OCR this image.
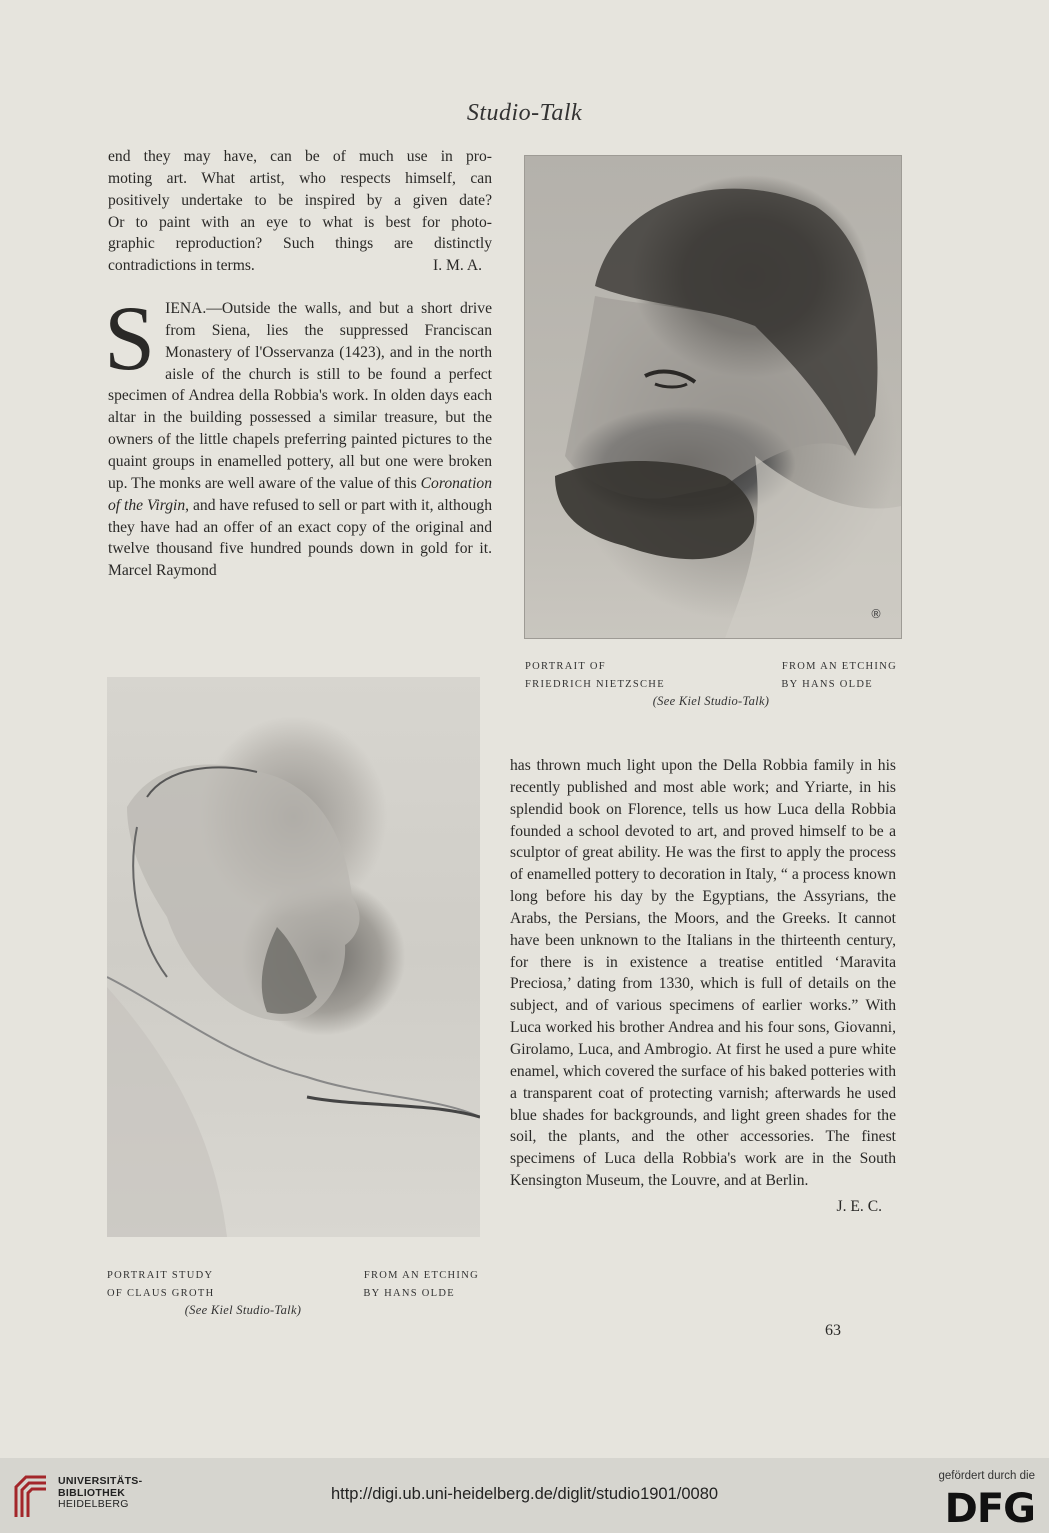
Studio-Talk

end they may have, can be of much use in pro-
moting art. What artist, who respects himself, can
positively undertake to be inspired by a given date?
Or to paint with an eye to what is best for photo-
graphic reproduction? Such things are distinctly
contradictions in terms.	I. M. A.

SIENA.—Outside the walls, and but a short drive from Siena, lies the suppressed Franciscan Monastery of l'Osservanza (1423), and in the north aisle of the church is still to be found a perfect specimen of Andrea della Robbia's work. In olden days each altar in the building possessed a similar treasure, but the owners of the little chapels preferring painted pictures to the quaint groups in enamelled pottery, all but one were broken up. The monks are well aware of the value of this Coronation of the Virgin, and have refused to sell or part with it, although they have had an offer of an exact copy of the original and twelve thousand five hundred pounds down in gold for it. Marcel Raymond

®
PORTRAIT OF	FROM AN ETCHING
FRIEDRICH NIETZSCHE	BY HANS OLDE
(See Kiel Studio-Talk)
PORTRAIT STUDY	FROM AN ETCHING
OF CLAUS GROTH	BY HANS OLDE
(See Kiel Studio-Talk)

has thrown much light upon the Della Robbia family in his recently published and most able work; and Yriarte, in his splendid book on Florence, tells us how Luca della Robbia founded a school devoted to art, and proved himself to be a sculptor of great ability. He was the first to apply the process of enamelled pottery to decoration in Italy, “ a process known long before his day by the Egyptians, the Assyrians, the Arabs, the Persians, the Moors, and the Greeks. It cannot have been unknown to the Italians in the thirteenth century, for there is in existence a treatise entitled ‘Maravita Preciosa,’ dating from 1330, which is full of details on the subject, and of various specimens of earlier works.” With Luca worked his brother Andrea and his four sons, Giovanni, Girolamo, Luca, and Ambrogio. At first he used a pure white enamel, which covered the surface of his baked potteries with a transparent coat of protecting varnish; afterwards he used blue shades for backgrounds, and light green shades for the soil, the plants, and the other accessories. The finest specimens of Luca della Robbia's work are in the South Kensington Museum, the Louvre, and at Berlin.

J. E. C.
63
UNIVERSITÄTS-
BIBLIOTHEK
HEIDELBERG
http://digi.ub.uni-heidelberg.de/diglit/studio1901/0080
gefördert durch die
DFG
